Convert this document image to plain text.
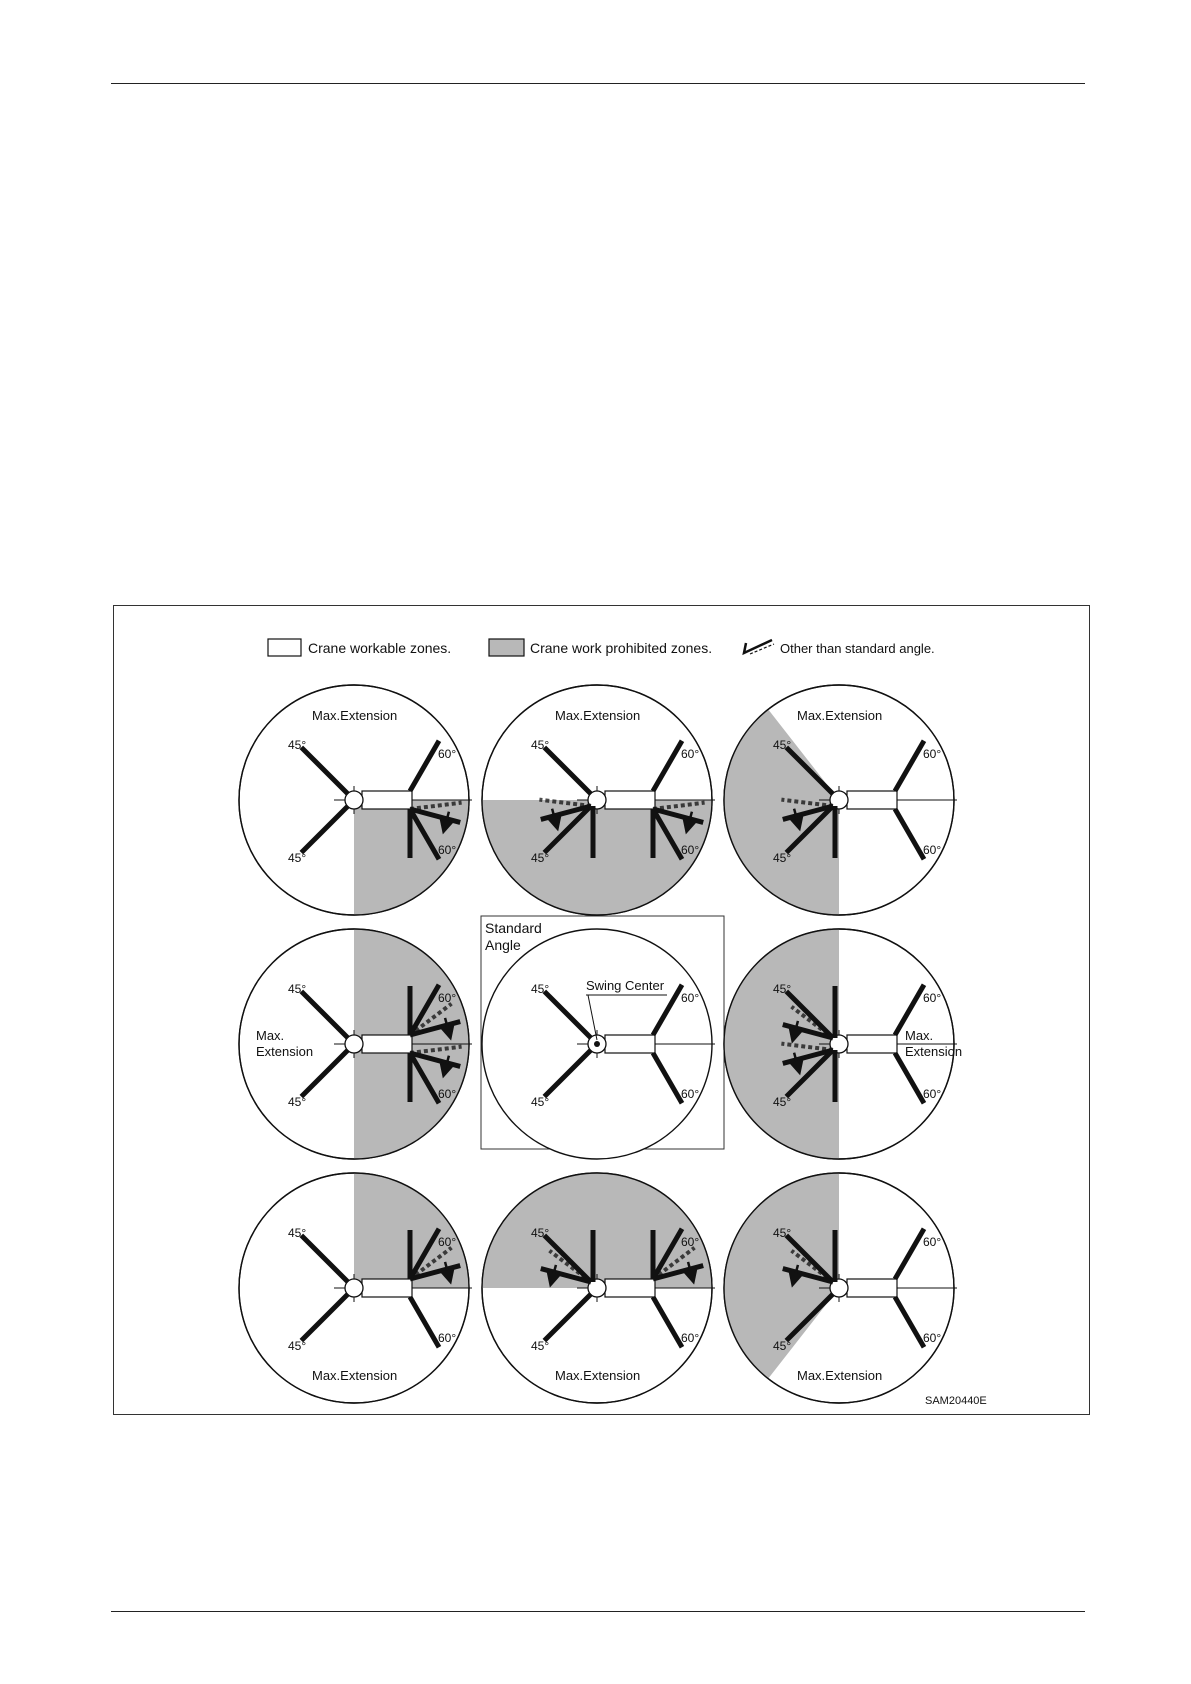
Crane workable zones.	Crane work prohibited zones.	Other than standard angle.
Standard
Angle
45°
45°
60°
60°
Max.Extension
45°
45°
60°
60°
Max.Extension
45°
45°
60°
60°
Max.Extension
45°
45°
60°
60°
Max.
Extension
45°
45°
60°
60°
Swing Center	45°
45°
60°
60°
Max.
Extension
45°
45°
60°
60°
Max.Extension
45°
45°
60°
60°
Max.Extension
45°
45°
60°
60°
Max.Extension
SAM20440E
